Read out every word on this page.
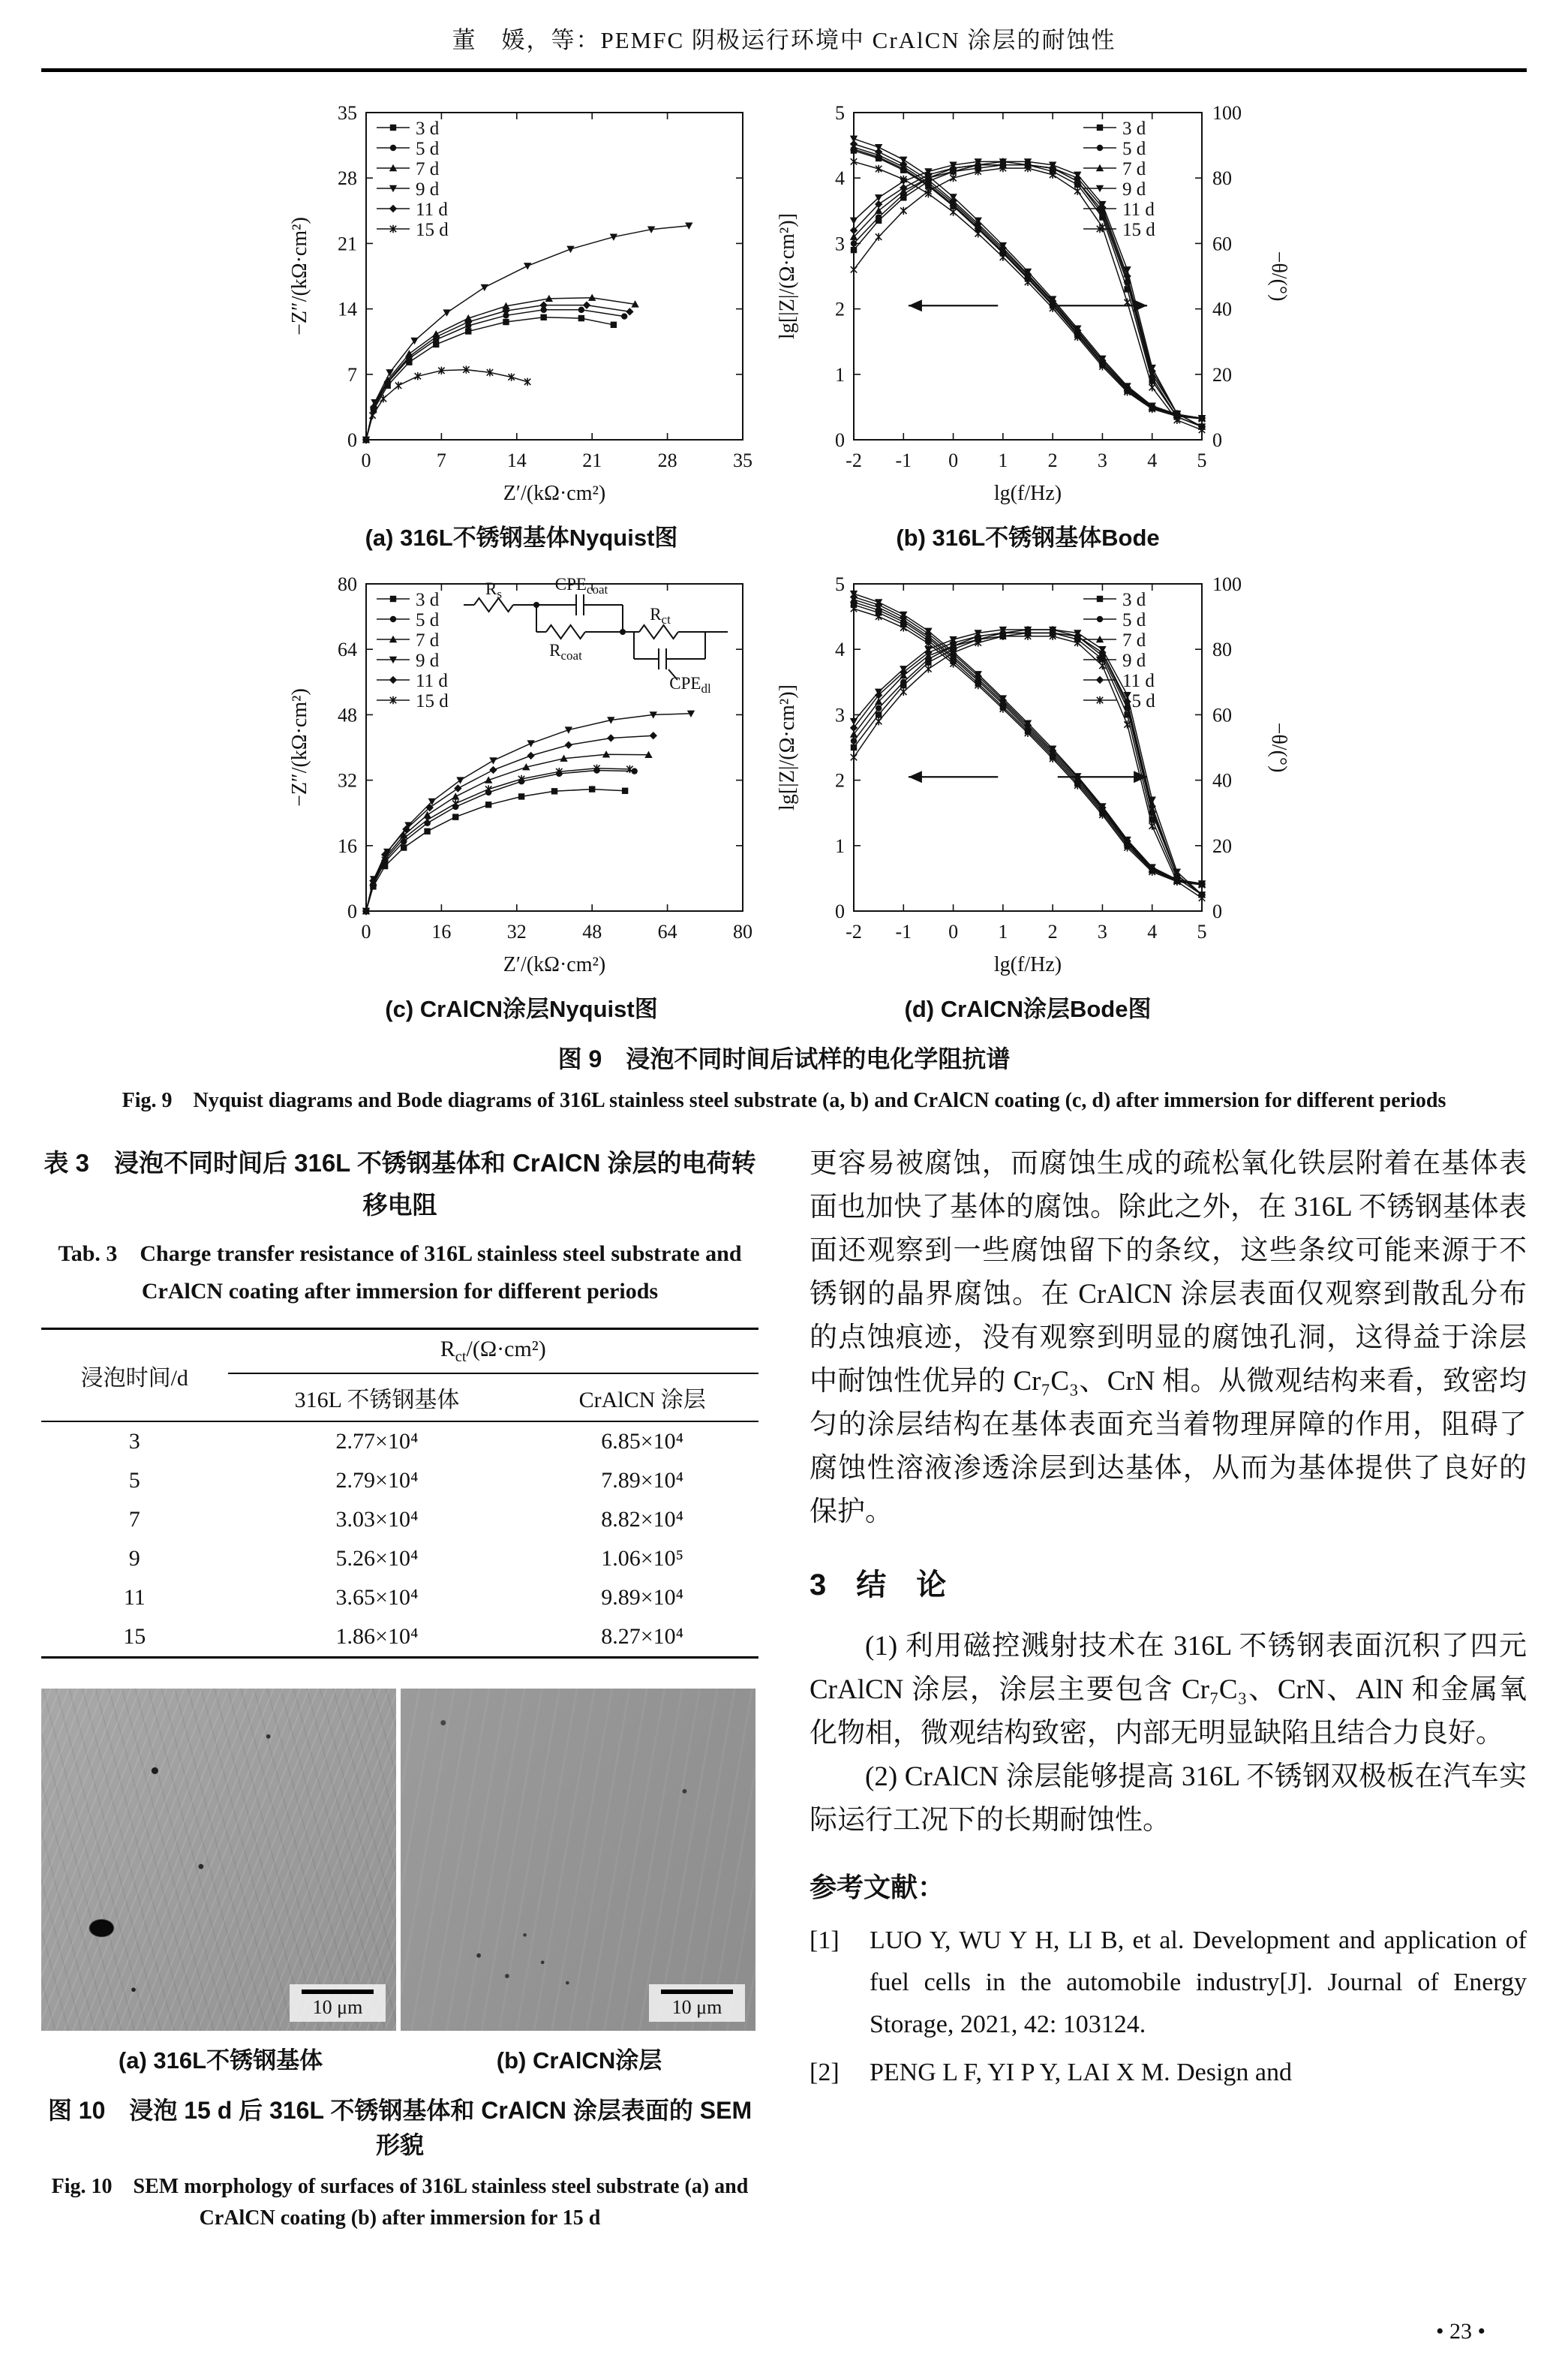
董　媛，等：PEMFC 阴极运行环境中 CrAlCN 涂层的耐蚀性
0	7	14	21	28	35
0
7
14
21
28
35
Z′/(kΩ·cm²)
−Z″/(kΩ·cm²)
3 d
5 d
7 d
9 d
11 d
15 d
(a) 316L不锈钢基体Nyquist图
-2 -1 0 1 2 3 4 5
0
1
2
3
4
5
0
20
40
60
80
100
lg(f/Hz)
lg[|Z|/(Ω·cm²)]	−θ/(°)
3 d
5 d
7 d
9 d
11 d
15 d
(b) 316L不锈钢基体Bode
0	16	32	48	64	80
0
16
32
48
64
80
Z′/(kΩ·cm²)
−Z″/(kΩ·cm²)
3 d
5 d
7 d
9 d
11 d
15 d
$R_s$
$CPE_{coat}$
$R_{coat}$
$CPE_{dl}$
$R_{ct}$
(c) CrAlCN涂层Nyquist图
-2 -1 0 1 2 3 4 5
0
1
2
3
4
5
0
20
40
60
80
100
lg(f/Hz)
lg[|Z|/(Ω·cm²)]	−θ/(°)
3 d
5 d
7 d
9 d
11 d
15 d
(d) CrAlCN涂层Bode图
图 9　浸泡不同时间后试样的电化学阻抗谱
Fig. 9　Nyquist diagrams and Bode diagrams of 316L stainless steel substrate (a, b) and CrAlCN coating (c, d) after immersion for different periods
表 3　浸泡不同时间后 316L 不锈钢基体和 CrAlCN 涂层的电荷转移电阻
Tab. 3　Charge transfer resistance of 316L stainless steel substrate and CrAlCN coating after immersion for different periods
浸泡时间/d	$R_{ct}/(\Omega\cdot cm^2)$	
	316L 不锈钢基体	CrAlCN 涂层
3	2.77×10⁴	6.85×10⁴
5	2.79×10⁴	7.89×10⁴
7	3.03×10⁴	8.82×10⁴
9	5.26×10⁴	1.06×10⁵
11	3.65×10⁴	9.89×10⁴
15	1.86×10⁴	8.27×10⁴
10 μm	10 μm
(a) 316L不锈钢基体	(b) CrAlCN涂层
图 10　浸泡 15 d 后 316L 不锈钢基体和 CrAlCN 涂层表面的 SEM 形貌
Fig. 10　SEM morphology of surfaces of 316L stainless steel substrate (a) and CrAlCN coating (b) after immersion for 15 d
更容易被腐蚀，而腐蚀生成的疏松氧化铁层附着在基体表面也加快了基体的腐蚀。除此之外，在 316L 不锈钢基体表面还观察到一些腐蚀留下的条纹，这些条纹可能来源于不锈钢的晶界腐蚀。在 CrAlCN 涂层表面仅观察到散乱分布的点蚀痕迹，没有观察到明显的腐蚀孔洞，这得益于涂层中耐蚀性优异的 Cr₇C₃、CrN 相。从微观结构来看，致密均匀的涂层结构在基体表面充当着物理屏障的作用，阻碍了腐蚀性溶液渗透涂层到达基体，从而为基体提供了良好的保护。
3　结　论
(1) 利用磁控溅射技术在 316L 不锈钢表面沉积了四元 CrAlCN 涂层，涂层主要包含 Cr₇C₃、CrN、AlN 和金属氧化物相，微观结构致密，内部无明显缺陷且结合力良好。
(2) CrAlCN 涂层能够提高 316L 不锈钢双极板在汽车实际运行工况下的长期耐蚀性。
参考文献：
[1]	LUO Y, WU Y H, LI B, et al. Development and application of fuel cells in the automobile industry[J]. Journal of Energy Storage, 2021, 42: 103124.
[2]	PENG L F, YI P Y, LAI X M. Design and
• 23 •
